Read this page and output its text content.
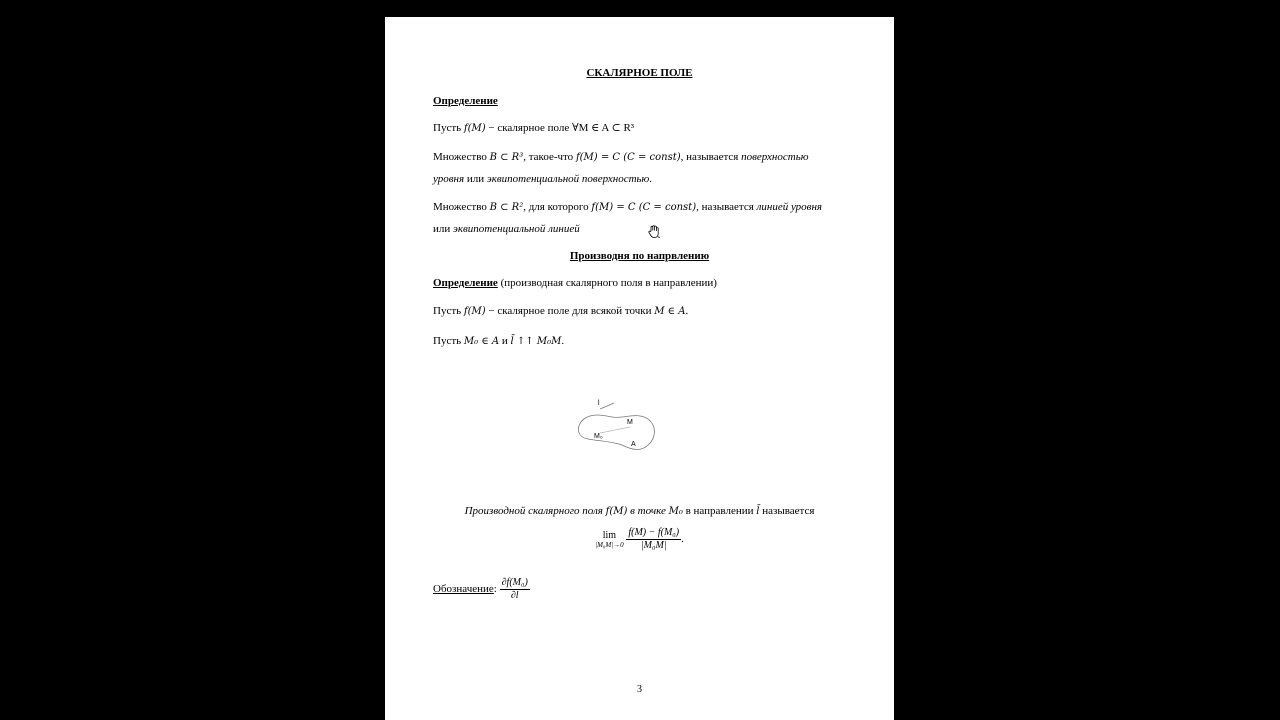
СКАЛЯРНОЕ ПОЛЕ
Определение
Пусть f(M) − скалярное поле ∀M ∈ A ⊂ R³
Множество B ⊂ R³, такое-что f(M) = C (C = const), называется поверхностью
уровня или эквипотенциальной поверхностью.
Множество B ⊂ R², для которого f(M) = C (C = const), называется линией уровня
или эквипотенциальной линией
Производня по напрвлению
Определение (производная скалярного поля в направлении)
Пусть f(M) − скалярное поле для всякой точки M ∈ A.
Пусть M₀ ∈ A и l̄ ↑↑ M₀M.
l
M
M₀
A
Производной скалярного поля f(M) в точке M₀ в направлении l̄ называется
lim
|M₀M|→0
$\frac{\text{f(M) − f(M₀)}}{\text{|M₀M|}}$ .
Обозначение: $\frac{\text{∂f(M₀)}}{\partial l}$
3
